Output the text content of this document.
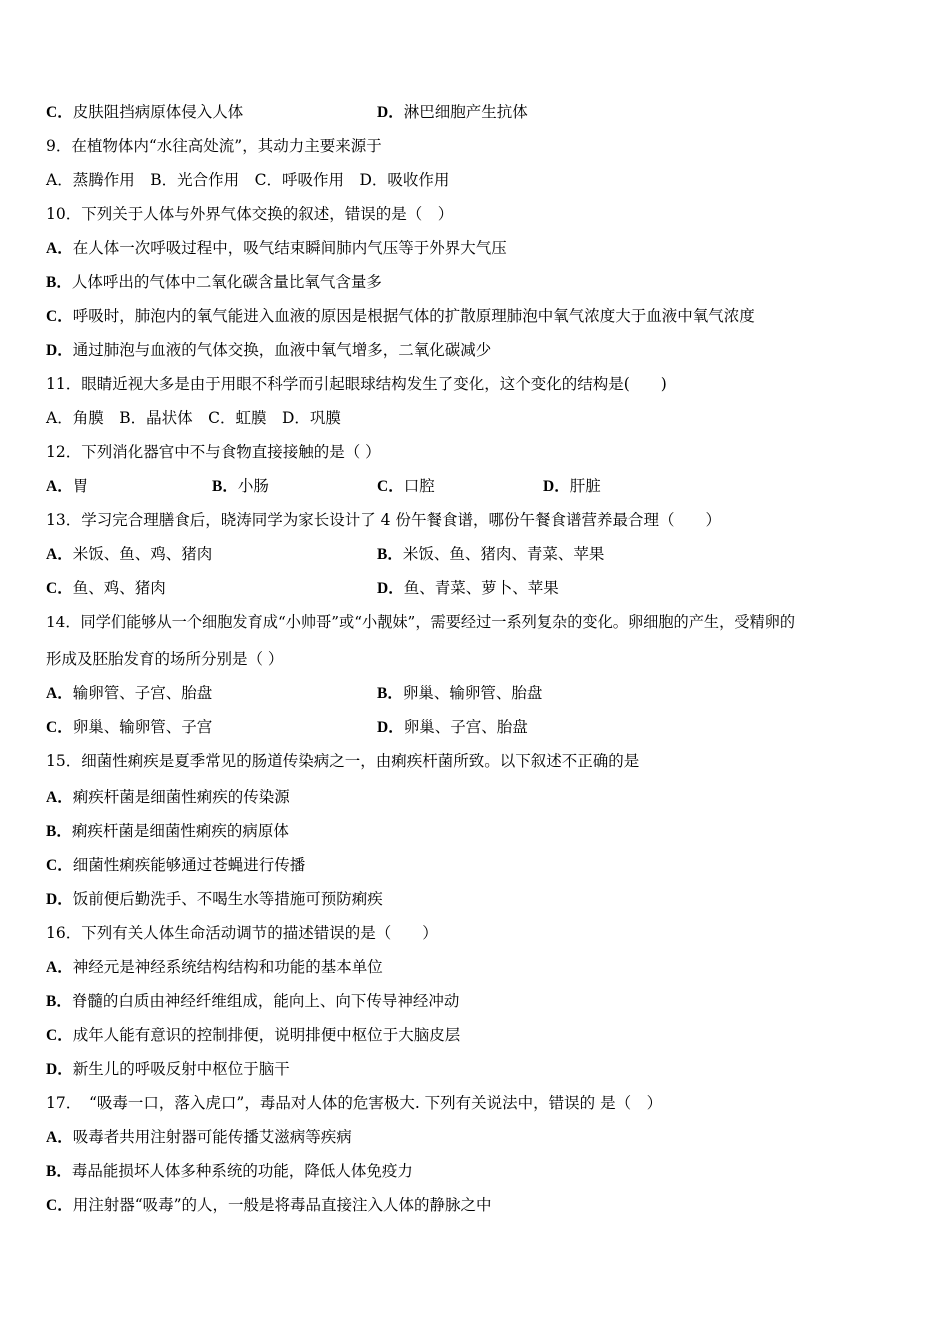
C．皮肤阻挡病原体侵入人体	D．淋巴细胞产生抗体
9．在植物体内“水往高处流”，其动力主要来源于
A．蒸腾作用　B．光合作用　C．呼吸作用　D．吸收作用
10．下列关于人体与外界气体交换的叙述，错误的是（　）
A．在人体一次呼吸过程中，吸气结束瞬间肺内气压等于外界大气压
B．人体呼出的气体中二氧化碳含量比氧气含量多
C．呼吸时，肺泡内的氧气能进入血液的原因是根据气体的扩散原理肺泡中氧气浓度大于血液中氧气浓度
D．通过肺泡与血液的气体交换，血液中氧气增多，二氧化碳减少
11．眼睛近视大多是由于用眼不科学而引起眼球结构发生了变化，这个变化的结构是(　　)
A．角膜　B．晶状体　C．虹膜　D．巩膜
12．下列消化器官中不与食物直接接触的是（ ）
A．胃	B．小肠	C．口腔	D．肝脏
13．学习完合理膳食后，晓涛同学为家长设计了 4 份午餐食谱，哪份午餐食谱营养最合理（　　）
A．米饭、鱼、鸡、猪肉	B．米饭、鱼、猪肉、青菜、苹果
C．鱼、鸡、猪肉	D．鱼、青菜、萝卜、苹果
14．同学们能够从一个细胞发育成“小帅哥”或“小靓妹”，需要经过一系列复杂的变化。卵细胞的产生，受精卵的
形成及胚胎发育的场所分别是（ ）
A．输卵管、子宫、胎盘	B．卵巢、输卵管、胎盘
C．卵巢、输卵管、子宫	D．卵巢、子宫、胎盘
15．细菌性痢疾是夏季常见的肠道传染病之一，由痢疾杆菌所致。以下叙述不正确的是
A．痢疾杆菌是细菌性痢疾的传染源
B．痢疾杆菌是细菌性痢疾的病原体
C．细菌性痢疾能够通过苍蝇进行传播
D．饭前便后勤洗手、不喝生水等措施可预防痢疾
16．下列有关人体生命活动调节的描述错误的是（　　）
A．神经元是神经系统结构结构和功能的基本单位
B．脊髓的白质由神经纤维组成，能向上、向下传导神经冲动
C．成年人能有意识的控制排便，说明排便中枢位于大脑皮层
D．新生儿的呼吸反射中枢位于脑干
17．　“吸毒一口，落入虎口”，毒品对人体的危害极大. 下列有关说法中，错误的 是（　）
A．吸毒者共用注射器可能传播艾滋病等疾病
B．毒品能损坏人体多种系统的功能，降低人体免疫力
C．用注射器“吸毒”的人，一般是将毒品直接注入人体的静脉之中
